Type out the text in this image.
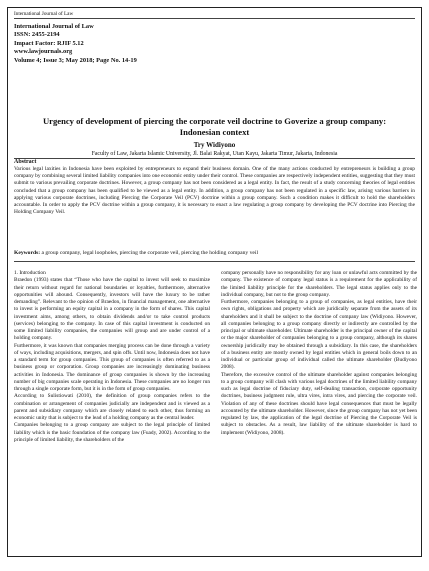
International Journal of Law
International Journal of Law
ISSN: 2455-2194
Impact Factor: RJIF 5.12
www.lawjournals.org
Volume 4; Issue 3; May 2018; Page No. 14-19
Urgency of development of piercing the corporate veil doctrine to Goverize a group company: Indonesian context
Try Widiyono
Faculty of Law, Jakarta Islamic University, Jl. Balai Rakyat, Utan Kayu, Jakarta Timur, Jakarta, Indonesia
Abstract
Various legal laxities in Indonesia have been exploited by entrepreneurs to expand their business domain. One of the many actions conducted by entrepreneurs is building a group company by combining several limited liability companies into one economic entity under their control. These companies are respectively independent entities, suggesting that they must submit to various prevailing corporate doctrines. However, a group company has not been considered as a legal entity. In fact, the result of a study concerning theories of legal entities concluded that a group company has been qualified to be viewed as a legal entity. In addition, a group company has not been regulated in a specific law, arising various barriers in applying various corporate doctrines, including Piercing the Corporate Veil (PCV) doctrine within a group company. Such a condition makes it difficult to hold the shareholders accountable. In order to apply the PCV doctrine within a group company, it is necessary to enact a law regulating a group company by developing the PCV doctrine into Piercing the Holding Company Veil.
Keywords: a group company, legal loopholes, piercing the corporate veil, piercing the holding company veil

1. Introduction

Braedon (1993) states that “Those who have the capital to invest will seek to maximize their return without regard for national boundaries or loyalties, furthermore, alternative opportunities will abound. Consequently, investors will have the luxury to be rather demanding”. Relevant to the opinion of Braedon, in financial management, one alternative to invest is performing an equity capital in a company in the form of shares. This capital investment aims, among others, to obtain dividends and/or to take control products (services) belonging to the company. In case of this capital investment is conducted on some limited liability companies, the companies will group and are under control of a holding company.

Furthermore, it was known that companies merging process can be done through a variety of ways, including acquisitions, mergers, and spin offs. Until now, Indonesia does not have a standard term for group companies. This group of companies is often referred to as a business group or corporation. Group companies are increasingly dominating business activities in Indonesia. The dominance of group companies is shown by the increasing number of big companies scale operating in Indonesia. These companies are no longer run through a single corporate form, but it is in the form of group companies.

According to Sulistiowati (2010), the definition of group companies refers to the combination or arrangement of companies judicially are independent and is viewed as a parent and subsidiary company which are closely related to each other, thus forming an economic unity that is subject to the lead of a holding company as the central leader.

Companies belonging to a group company are subject to the legal principle of limited liability which is the basic foundation of the company law (Fuady, 2002). According to the principle of limited liability, the shareholders of the

company personally have no responsibility for any loan or unlawful acts committed by the company. The existence of company legal status is a requirement for the applicability of the limited liability principle for the shareholders. The legal status applies only to the individual company, but not to the group company.

Furthermore, companies belonging to a group of companies, as legal entities, have their own rights, obligations and property which are juridically separate from the assets of its shareholders and it shall be subject to the doctrine of company law (Widiyono. However, all companies belonging to a group company directly or indirectly are controlled by the principal or ultimate shareholder. Ultimate shareholder is the principal owner of the capital or the major shareholder of companies belonging to a group company, although its shares ownership juridically may be obtained through a subsidiary. In this case, the shareholders of a business entity are mostly owned by legal entities which in general boils down to an individual or particular group of individual called the ultimate shareholder (Budiyono 2008).

Therefore, the excessive control of the ultimate shareholder against companies belonging to a group company will clash with various legal doctrines of the limited liability company such as legal doctrine of fiduciary duty, self-dealing transaction, corporate opportunity doctrines, business judgment rule, ultra vires, intra vires, and piercing the corporate veil. Violation of any of these doctrines should have legal consequences that must be legally accounted by the ultimate shareholder. However, since the group company has not yet been regulated by law, the application of the legal doctrine of Piercing the Corporate Veil is subject to obstacles. As a result, law liability of the ultimate shareholder is hard to implement (Widiyono, 2008).
